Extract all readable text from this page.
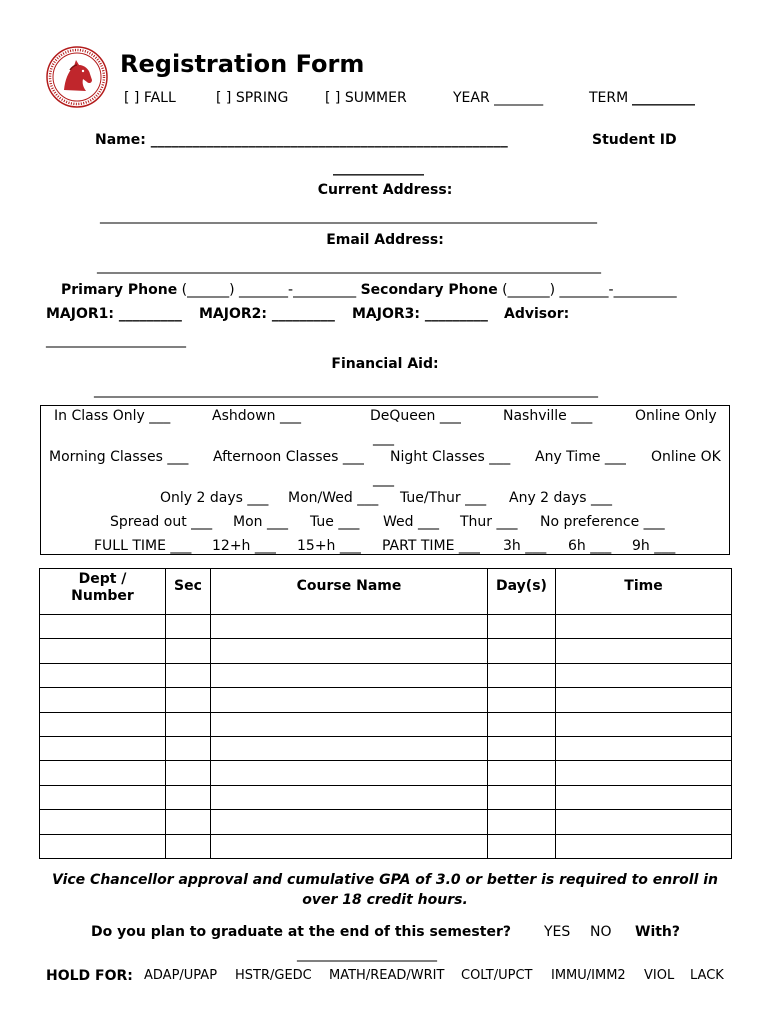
Registration Form
[ ] FALL	[ ] SPRING	[ ] SUMMER	YEAR _______	TERM _________
Name: ___________________________________________________	Student ID
_____________
Current Address:
_______________________________________________________________________
Email Address:
________________________________________________________________________
Primary Phone (______) _______-_________ Secondary Phone (______) _______-_________
MAJOR1: _________ MAJOR2: _________ MAJOR3: _________ Advisor:
____________________
Financial Aid:
________________________________________________________________________
In Class Only ___	Ashdown ___	DeQueen ___	Nashville ___	Online Only
___
Morning Classes ___ Afternoon Classes ___ Night Classes ___ Any Time ___ Online OK
___
Only 2 days ___ Mon/Wed ___ Tue/Thur ___ Any 2 days ___
Spread out ___ Mon ___ Tue ___ Wed ___ Thur ___ No preference ___
FULL TIME ___ 12+h ___ 15+h ___ PART TIME ___ 3h ___ 6h ___ 9h ___
Dept / Number	Sec	Course Name	Day(s)	Time

Vice Chancellor approval and cumulative GPA of 3.0 or better is required to enroll in
over 18 credit hours.
Do you plan to graduate at the end of this semester? YES NO With?
____________________
HOLD FOR: ADAP/UPAP HSTR/GEDC MATH/READ/WRIT COLT/UPCT IMMU/IMM2 VIOL LACK
